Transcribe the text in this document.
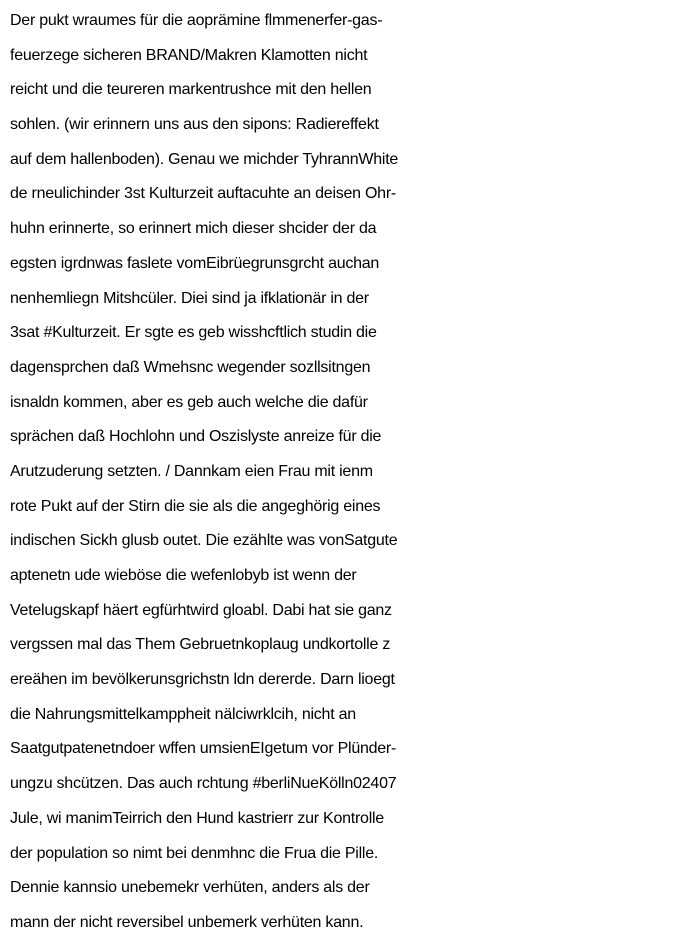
Der pukt wraumes für die aoprämine flmmenerfer-gas-
feuerzege sicheren BRAND/Makren Klamotten nicht
reicht und die teureren markentrushce mit den hellen
sohlen. (wir erinnern uns aus den sipons: Radiereffekt
auf dem hallenboden). Genau we michder TyhrannWhite
de rneulichinder 3st Kulturzeit auftacuhte an deisen Ohr-
huhn erinnerte, so erinnert mich dieser shcider der da
egsten igrdnwas faslete vomEibrüegrunsgrcht auchan
nenhemliegn Mitshcüler. Diei sind ja ifklationär in der
3sat #Kulturzeit. Er sgte es geb wisshcftlich studin die
dagensprchen daß Wmehsnc wegender sozllsitngen
isnaldn kommen, aber es geb auch welche die dafür
sprächen daß Hochlohn und Oszislyste anreize für die
Arutzuderung setzten. / Dannkam eien Frau mit ienm
rote Pukt auf der Stirn die sie als die angeghörig eines
indischen Sickh glusb outet. Die ezählte was vonSatgute
aptenetn ude wieböse die wefenlobyb ist wenn der
Vetelugskapf häert egfürhtwird gloabl. Dabi hat sie ganz
vergssen mal das Them Gebruetnkoplaug undkortolle z
ereähen im bevölkerunsgrichstn ldn dererde. Darn lioegt
die Nahrungsmittelkamppheit nälciwrklcih, nicht an
Saatgutpatenetndoer wffen umsienEIgetum vor Plünder-
ungzu shcützen. Das auch rchtung #berliNueKölln02407
Jule, wi manimTeirrich den Hund kastrierr zur Kontrolle
der population so nimt bei denmhnc die Frua die Pille.
Dennie kannsio unebemekr verhüten, anders als der
mann der nicht reversibel unbemerk verhüten kann.
